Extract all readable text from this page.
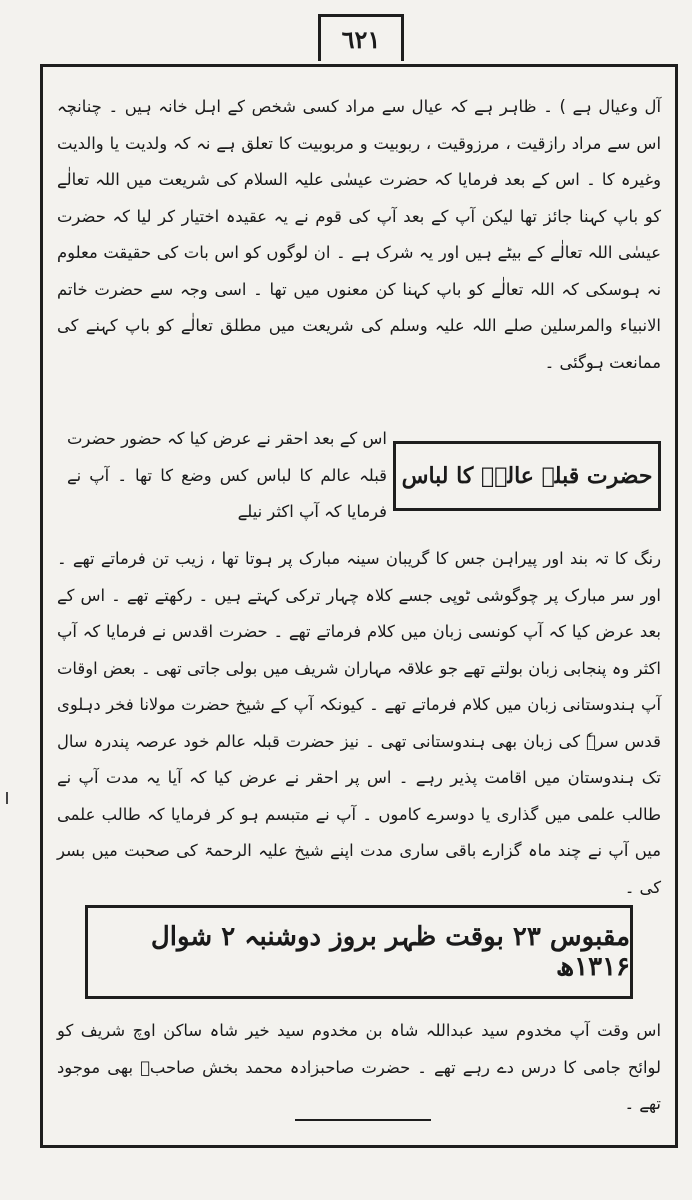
٦٢١

آل وعیال ہے ) ۔ ظاہر ہے کہ عیال سے مراد کسی شخص کے اہل خانہ ہیں ۔ چنانچہ اس سے مراد رازقیت ، مرزوقیت ، ربوبیت و مربوبیت کا تعلق ہے نہ کہ ولدیت یا والدیت وغیرہ کا ۔ اس کے بعد فرمایا کہ حضرت عیسٰی علیہ السلام کی شریعت میں اللہ تعالٰے کو باپ کہنا جائز تھا لیکن آپ کے بعد آپ کی قوم نے یہ عقیدہ اختیار کر لیا کہ حضرت عیسٰی اللہ تعالٰے کے بیٹے ہیں اور یہ شرک ہے ۔ ان لوگوں کو اس بات کی حقیقت معلوم نہ ہوسکی کہ اللہ تعالٰے کو باپ کہنا کن معنوں میں تھا ۔ اسی وجہ سے حضرت خاتم الانبیاء والمرسلین صلے اللہ علیہ وسلم کی شریعت میں مطلق تعالٰے کو باپ کہنے کی ممانعت ہوگئی ۔

حضرت قبلہ عالمؒ کا لباس
اس کے بعد احقر نے عرض کیا کہ حضور حضرت قبلہ عالم کا لباس کس وضع کا تھا ۔ آپ نے فرمایا کہ آپ اکثر نیلے

رنگ کا تہ بند اور پیراہن جس کا گریبان سینہ مبارک پر ہوتا تھا ، زیب تن فرماتے تھے ۔ اور سر مبارک پر چوگوشی ٹوپی جسے کلاہ چہار ترکی کہتے ہیں ۔ رکھتے تھے ۔ اس کے بعد عرض کیا کہ آپ کونسی زبان میں کلام فرماتے تھے ۔ حضرت اقدس نے فرمایا کہ آپ اکثر وہ پنجابی زبان بولتے تھے جو علاقہ مہاران شریف میں بولی جاتی تھی ۔ بعض اوقات آپ ہندوستانی زبان میں کلام فرماتے تھے ۔ کیونکہ آپ کے شیخ حضرت مولانا فخر دہلوی قدس سرہٗ کی زبان بھی ہندوستانی تھی ۔ نیز حضرت قبلہ عالم خود عرصہ پندرہ سال تک ہندوستان میں اقامت پذیر رہے ۔ اس پر احقر نے عرض کیا کہ آیا یہ مدت آپ نے طالب علمی میں گذاری یا دوسرے کاموں ۔ آپ نے متبسم ہو کر فرمایا کہ طالب علمی میں آپ نے چند ماہ گزارے باقی ساری مدت اپنے شیخ علیہ الرحمۃ کی صحبت میں بسر کی ۔

مقبوس ۲۳ بوقت ظہر بروز دوشنبہ ۲ شوال ۱۳۱۶ھ

اس وقت آپ مخدوم سید عبداللہ شاہ بن مخدوم سید خیر شاہ ساکن اوچ شریف کو لوائح جامی کا درس دے رہے تھے ۔ حضرت صاحبزادہ محمد بخش صاحبؒ بھی موجود تھے ۔
